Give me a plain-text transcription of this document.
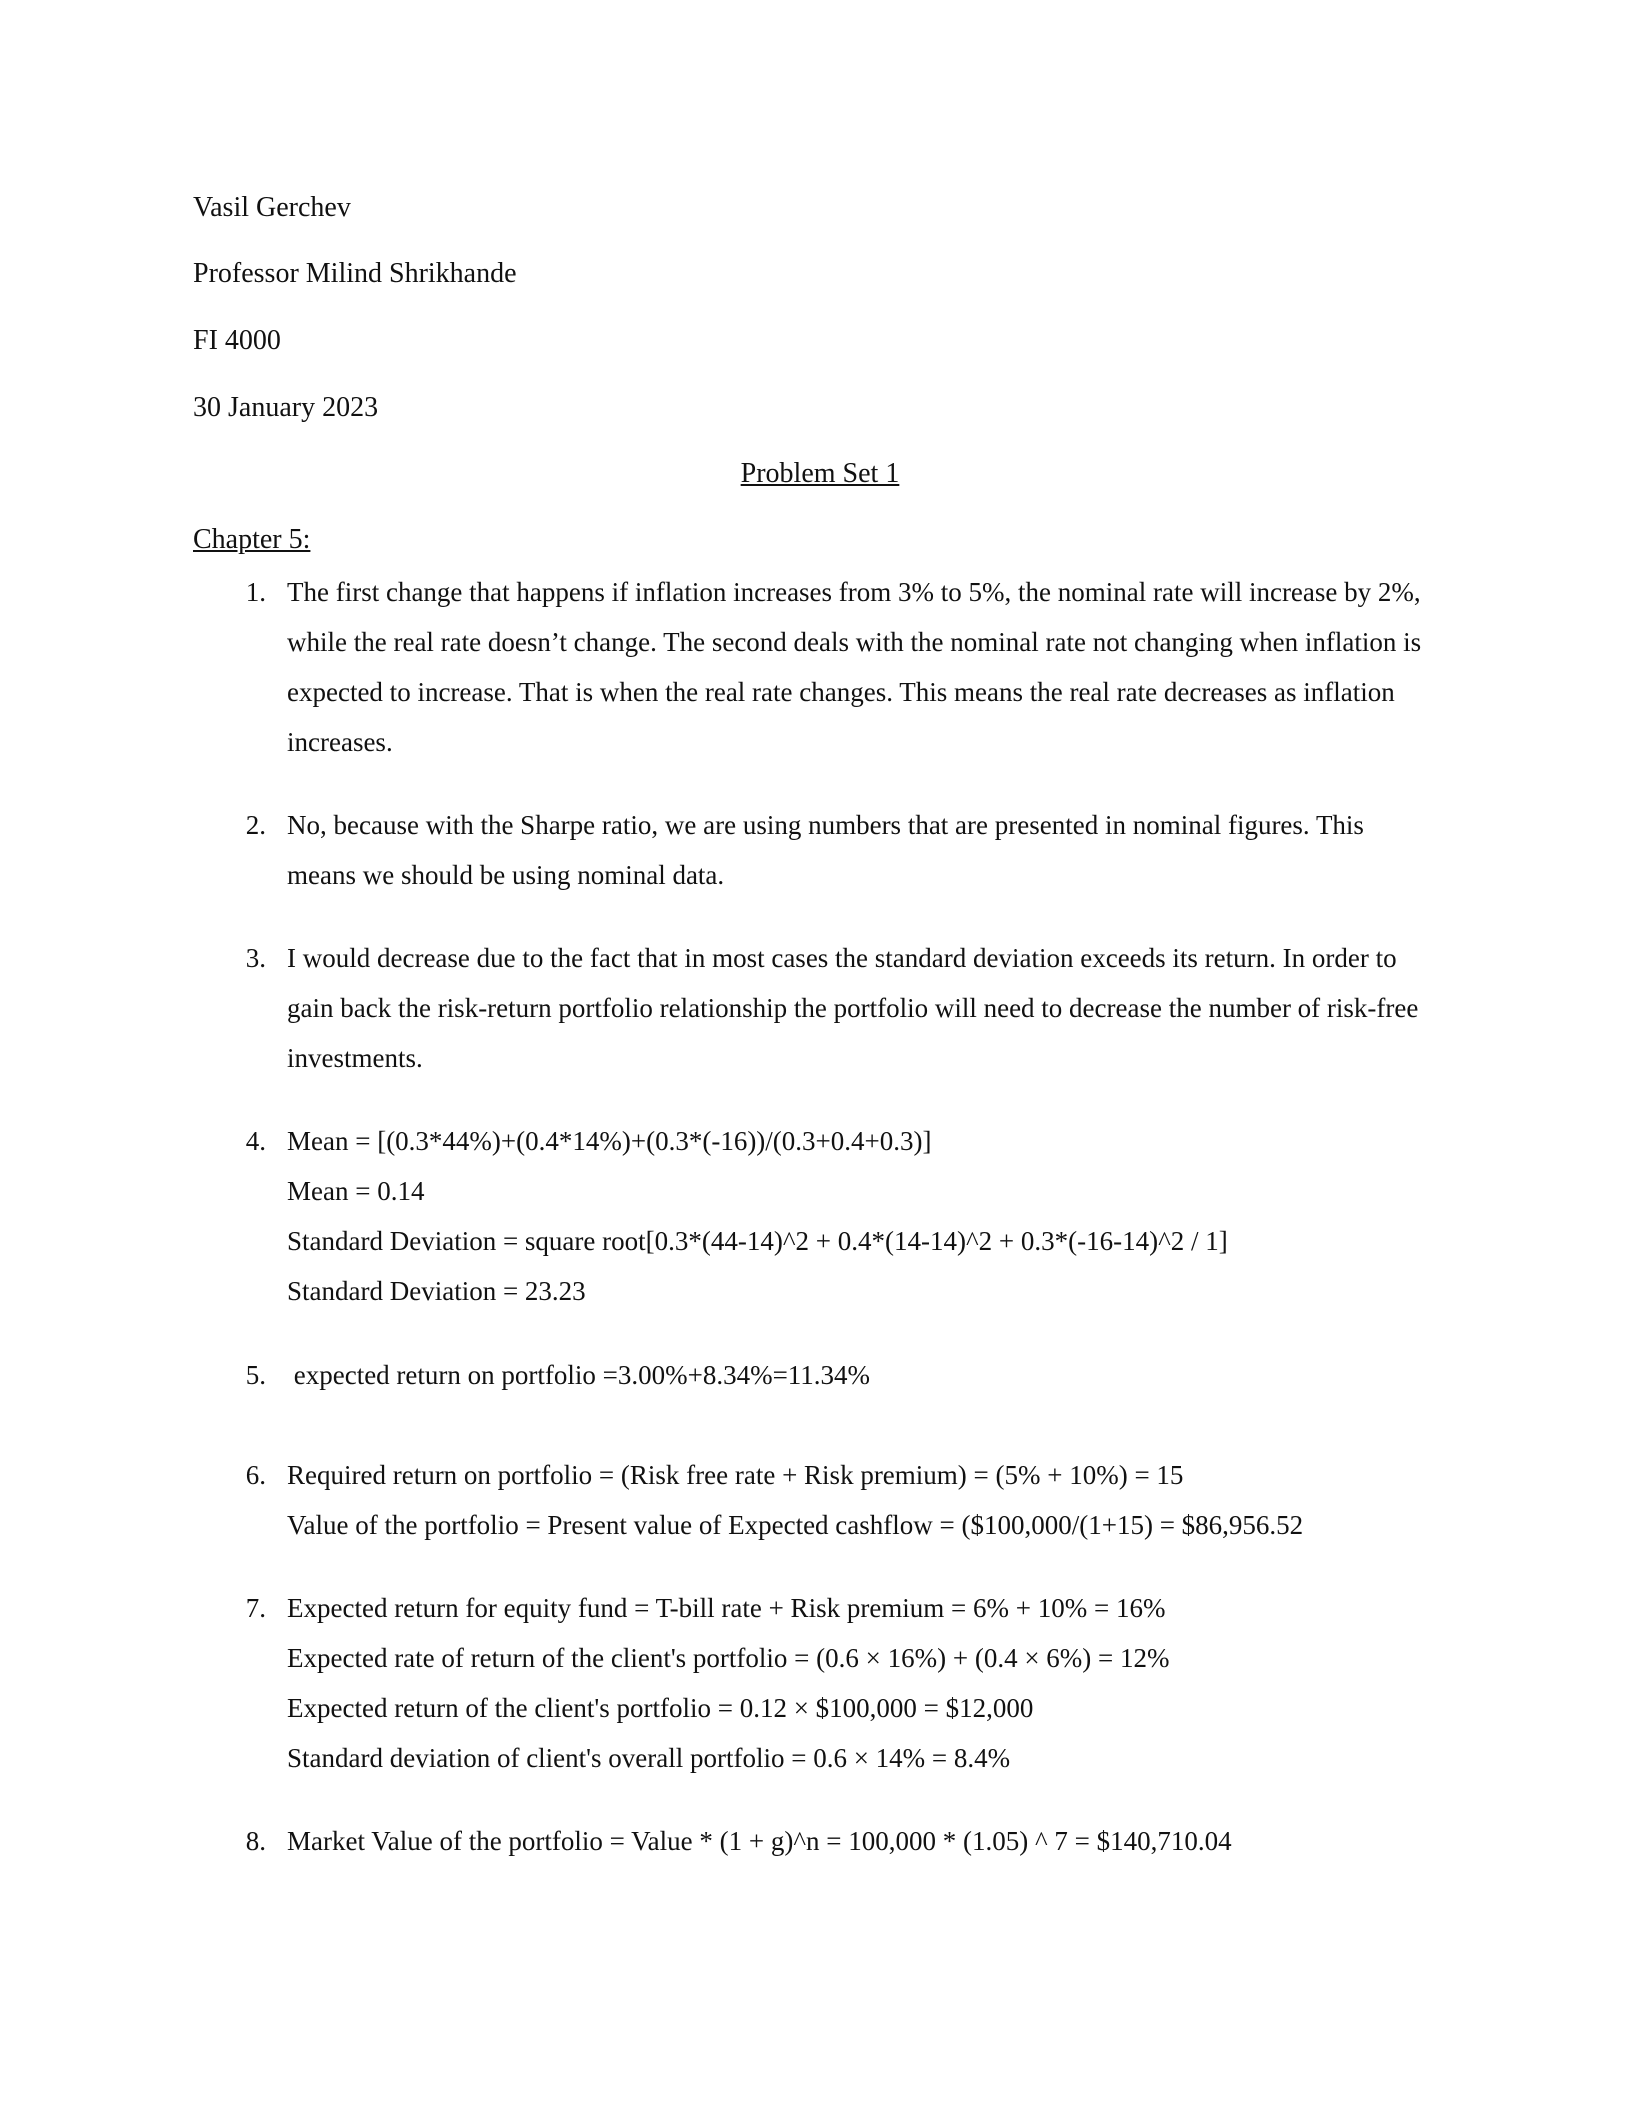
Vasil Gerchev
Professor Milind Shrikhande
FI 4000
30 January 2023
Problem Set 1
Chapter 5:
1. The first change that happens if inflation increases from 3% to 5%, the nominal rate will increase by 2%, while the real rate doesn’t change. The second deals with the nominal rate not changing when inflation is expected to increase. That is when the real rate changes. This means the real rate decreases as inflation increases.
2. No, because with the Sharpe ratio, we are using numbers that are presented in nominal figures. This means we should be using nominal data.
3. I would decrease due to the fact that in most cases the standard deviation exceeds its return. In order to gain back the risk-return portfolio relationship the portfolio will need to decrease the number of risk-free investments.
4. Mean = [(0.3*44%)+(0.4*14%)+(0.3*(-16))/(0.3+0.4+0.3)]
Mean = 0.14
Standard Deviation = square root[0.3*(44-14)^2 + 0.4*(14-14)^2 + 0.3*(-16-14)^2 / 1]
Standard Deviation = 23.23
5. expected return on portfolio =3.00%+8.34%=11.34%
6. Required return on portfolio = (Risk free rate + Risk premium) = (5% + 10%) = 15
Value of the portfolio = Present value of Expected cashflow = ($100,000/(1+15) = $86,956.52
7. Expected return for equity fund = T-bill rate + Risk premium = 6% + 10% = 16%
Expected rate of return of the client's portfolio = (0.6 × 16%) + (0.4 × 6%) = 12%
Expected return of the client's portfolio = 0.12 × $100,000 = $12,000
Standard deviation of client's overall portfolio = 0.6 × 14% = 8.4%
8. Market Value of the portfolio = Value * (1 + g)^n = 100,000 * (1.05) ^ 7 = $140,710.04
